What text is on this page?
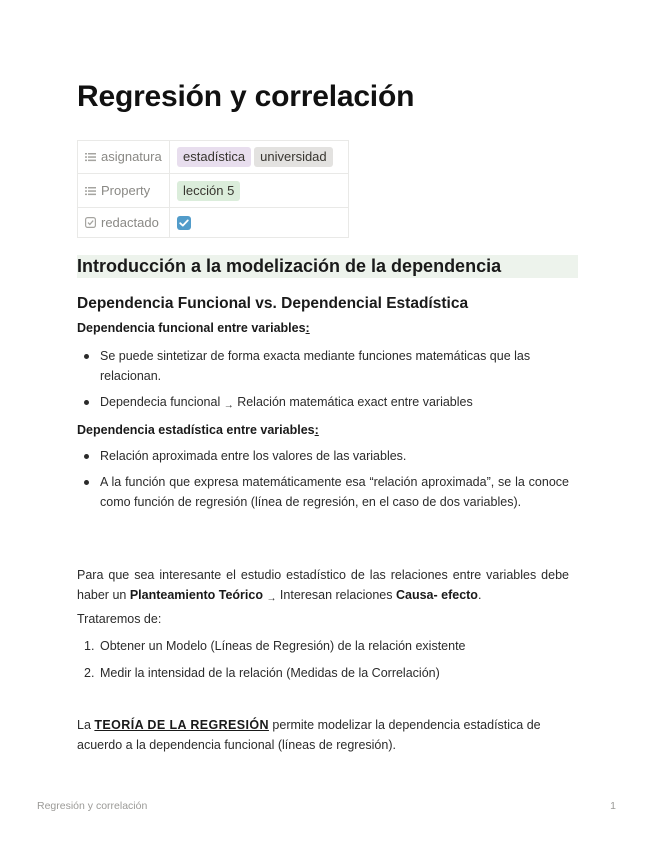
Regresión y correlación
asignatura	estadística universidad
Property	lección 5
redactado	
Introducción a la modelización de la dependencia
Dependencia Funcional vs. Dependencial Estadística

Dependencia funcional entre variables:

Se puede sintetizar de forma exacta mediante funciones matemáticas que las relacionan.
Dependecia funcional → Relación matemática exact entre variables

Dependencia estadística entre variables:

Relación aproximada entre los valores de las variables.
A la función que expresa matemáticamente esa “relación aproximada”, se la conoce como función de regresión (línea de regresión, en el caso de dos variables).

Para que sea interesante el estudio estadístico de las relaciones entre variables debe haber un Planteamiento Teórico → Interesan relaciones Causa- efecto.

Trataremos de:

1. Obtener un Modelo (Líneas de Regresión) de la relación existente
2. Medir la intensidad de la relación (Medidas de la Correlación)

La TEORÍA DE LA REGRESIÓN permite modelizar la dependencia estadística de acuerdo a la dependencia funcional (líneas de regresión).

Regresión y correlación	1
